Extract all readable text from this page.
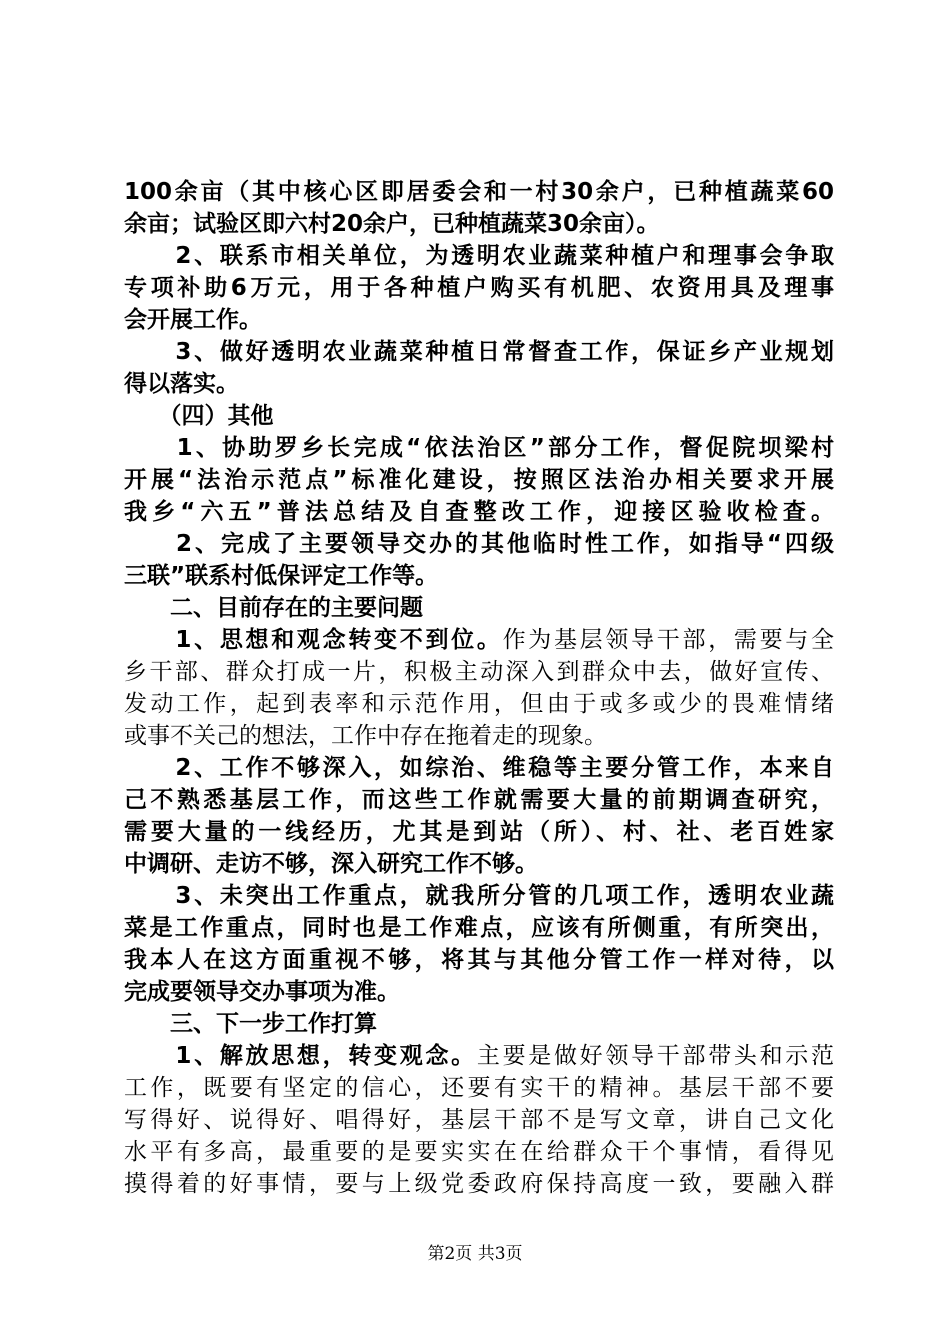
100余亩（其中核心区即居委会和一村30余户，已种植蔬菜60
余亩；试验区即六村20余户，已种植蔬菜30余亩）。
　　2、联系市相关单位，为透明农业蔬菜种植户和理事会争取
专项补助6万元，用于各种植户购买有机肥、农资用具及理事
会开展工作。
　　3、做好透明农业蔬菜种植日常督查工作，保证乡产业规划
得以落实。
　　（四）其他
　　1、协助罗乡长完成“依法治区”部分工作，督促院坝梁村
开展“法治示范点”标准化建设，按照区法治办相关要求开展
我乡“六五”普法总结及自查整改工作，迎接区验收检查。
　　2、完成了主要领导交办的其他临时性工作，如指导“四级
三联”联系村低保评定工作等。
　　二、目前存在的主要问题
　　1、思想和观念转变不到位。作为基层领导干部，需要与全
乡干部、群众打成一片，积极主动深入到群众中去，做好宣传、
发动工作，起到表率和示范作用，但由于或多或少的畏难情绪
或事不关己的想法，工作中存在拖着走的现象。
　　2、工作不够深入，如综治、维稳等主要分管工作，本来自
己不熟悉基层工作，而这些工作就需要大量的前期调查研究，
需要大量的一线经历，尤其是到站（所）、村、社、老百姓家
中调研、走访不够，深入研究工作不够。
　　3、未突出工作重点，就我所分管的几项工作，透明农业蔬
菜是工作重点，同时也是工作难点，应该有所侧重，有所突出，
我本人在这方面重视不够，将其与其他分管工作一样对待，以
完成要领导交办事项为准。
　　三、下一步工作打算
　　1、解放思想，转变观念。主要是做好领导干部带头和示范
工作，既要有坚定的信心，还要有实干的精神。基层干部不要
写得好、说得好、唱得好，基层干部不是写文章，讲自己文化
水平有多高，最重要的是要实实在在给群众干个事情，看得见
摸得着的好事情，要与上级党委政府保持高度一致，要融入群
第2页 共3页
